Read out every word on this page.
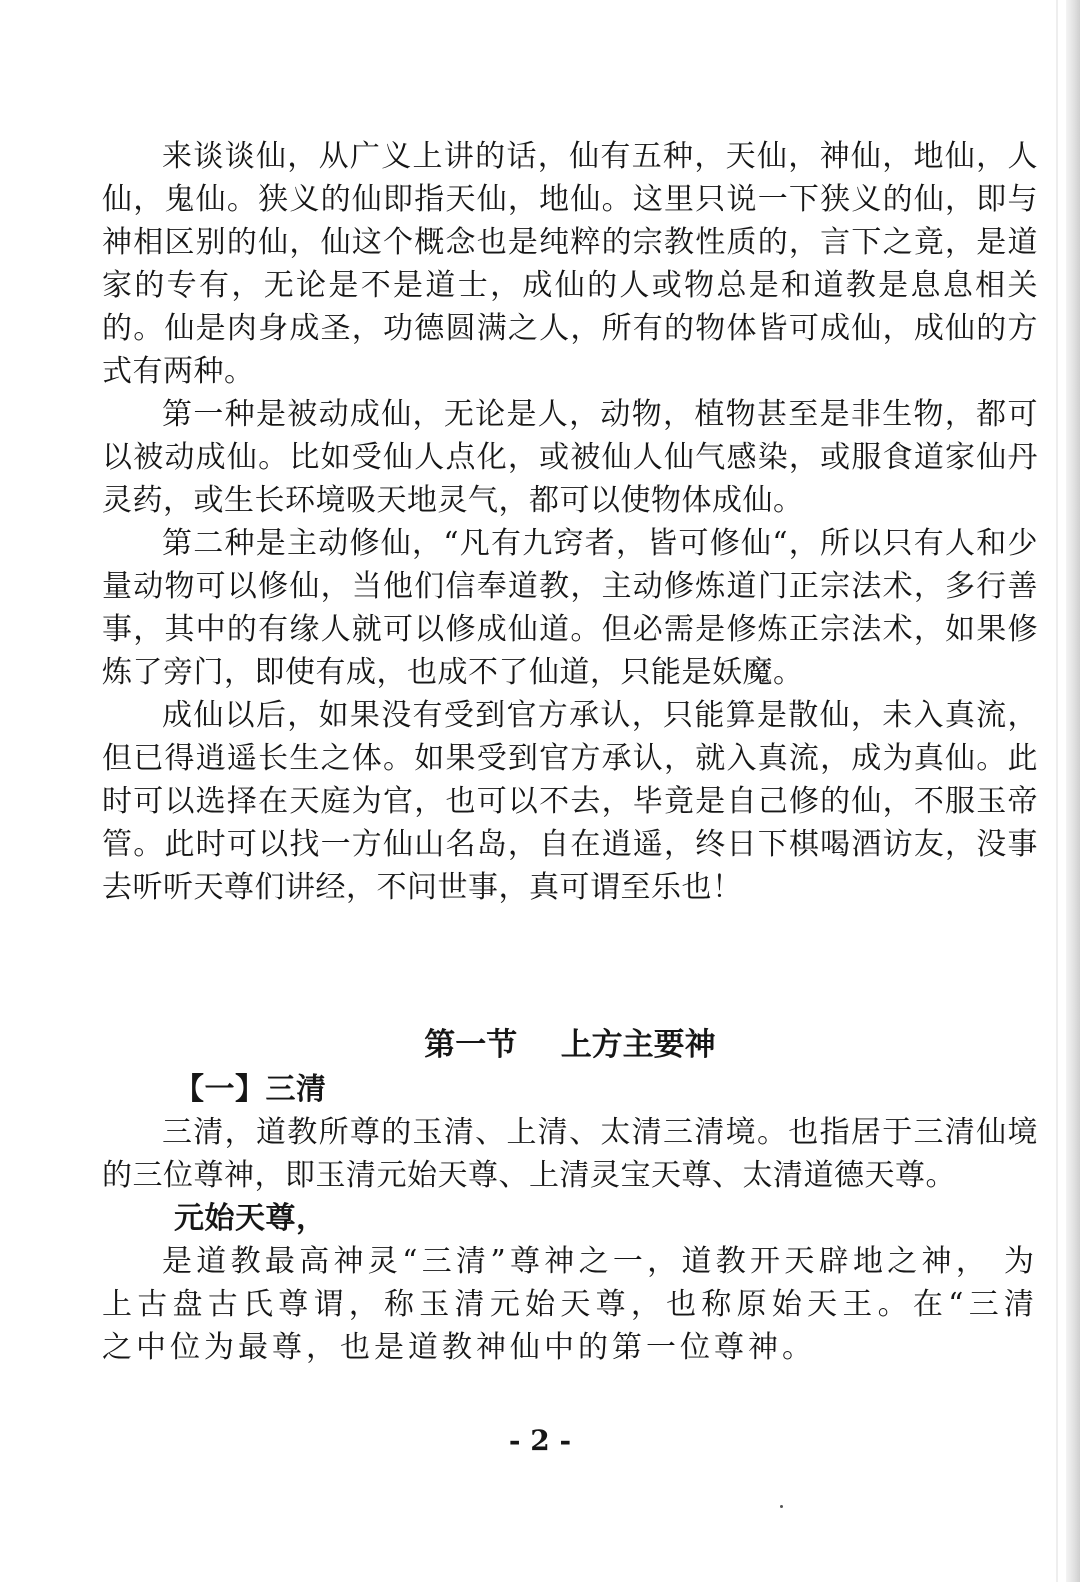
来谈谈仙，从广义上讲的话，仙有五种，天仙，神仙，地仙，人仙，鬼仙。狭义的仙即指天仙，地仙。这里只说一下狭义的仙，即与神相区别的仙，仙这个概念也是纯粹的宗教性质的，言下之竟，是道家的专有，无论是不是道士，成仙的人或物总是和道教是息息相关的。仙是肉身成圣，功德圆满之人，所有的物体皆可成仙，成仙的方式有两种。

第一种是被动成仙，无论是人，动物，植物甚至是非生物，都可以被动成仙。比如受仙人点化，或被仙人仙气感染，或服食道家仙丹灵药，或生长环境吸天地灵气，都可以使物体成仙。

第二种是主动修仙，“凡有九窍者，皆可修仙“，所以只有人和少量动物可以修仙，当他们信奉道教，主动修炼道门正宗法术，多行善事，其中的有缘人就可以修成仙道。但必需是修炼正宗法术，如果修炼了旁门，即使有成，也成不了仙道，只能是妖魔。

成仙以后，如果没有受到官方承认，只能算是散仙，未入真流，但已得逍遥长生之体。如果受到官方承认，就入真流，成为真仙。此时可以选择在天庭为官，也可以不去，毕竟是自己修的仙，不服玉帝管。此时可以找一方仙山名岛，自在逍遥，终日下棋喝酒访友，没事去听听天尊们讲经，不问世事，真可谓至乐也！

第一节 上方主要神

【一】三清

三清，道教所尊的玉清、上清、太清三清境。也指居于三清仙境的三位尊神，即玉清元始天尊、上清灵宝天尊、太清道德天尊。

元始天尊，

是道教最高神灵“三清”尊神之一，道教开天辟地之神， 为上古盘古氏尊谓，称玉清元始天尊，也称原始天王。在“三清之中位为最尊，也是道教神仙中的第一位尊神。

- 2 -
